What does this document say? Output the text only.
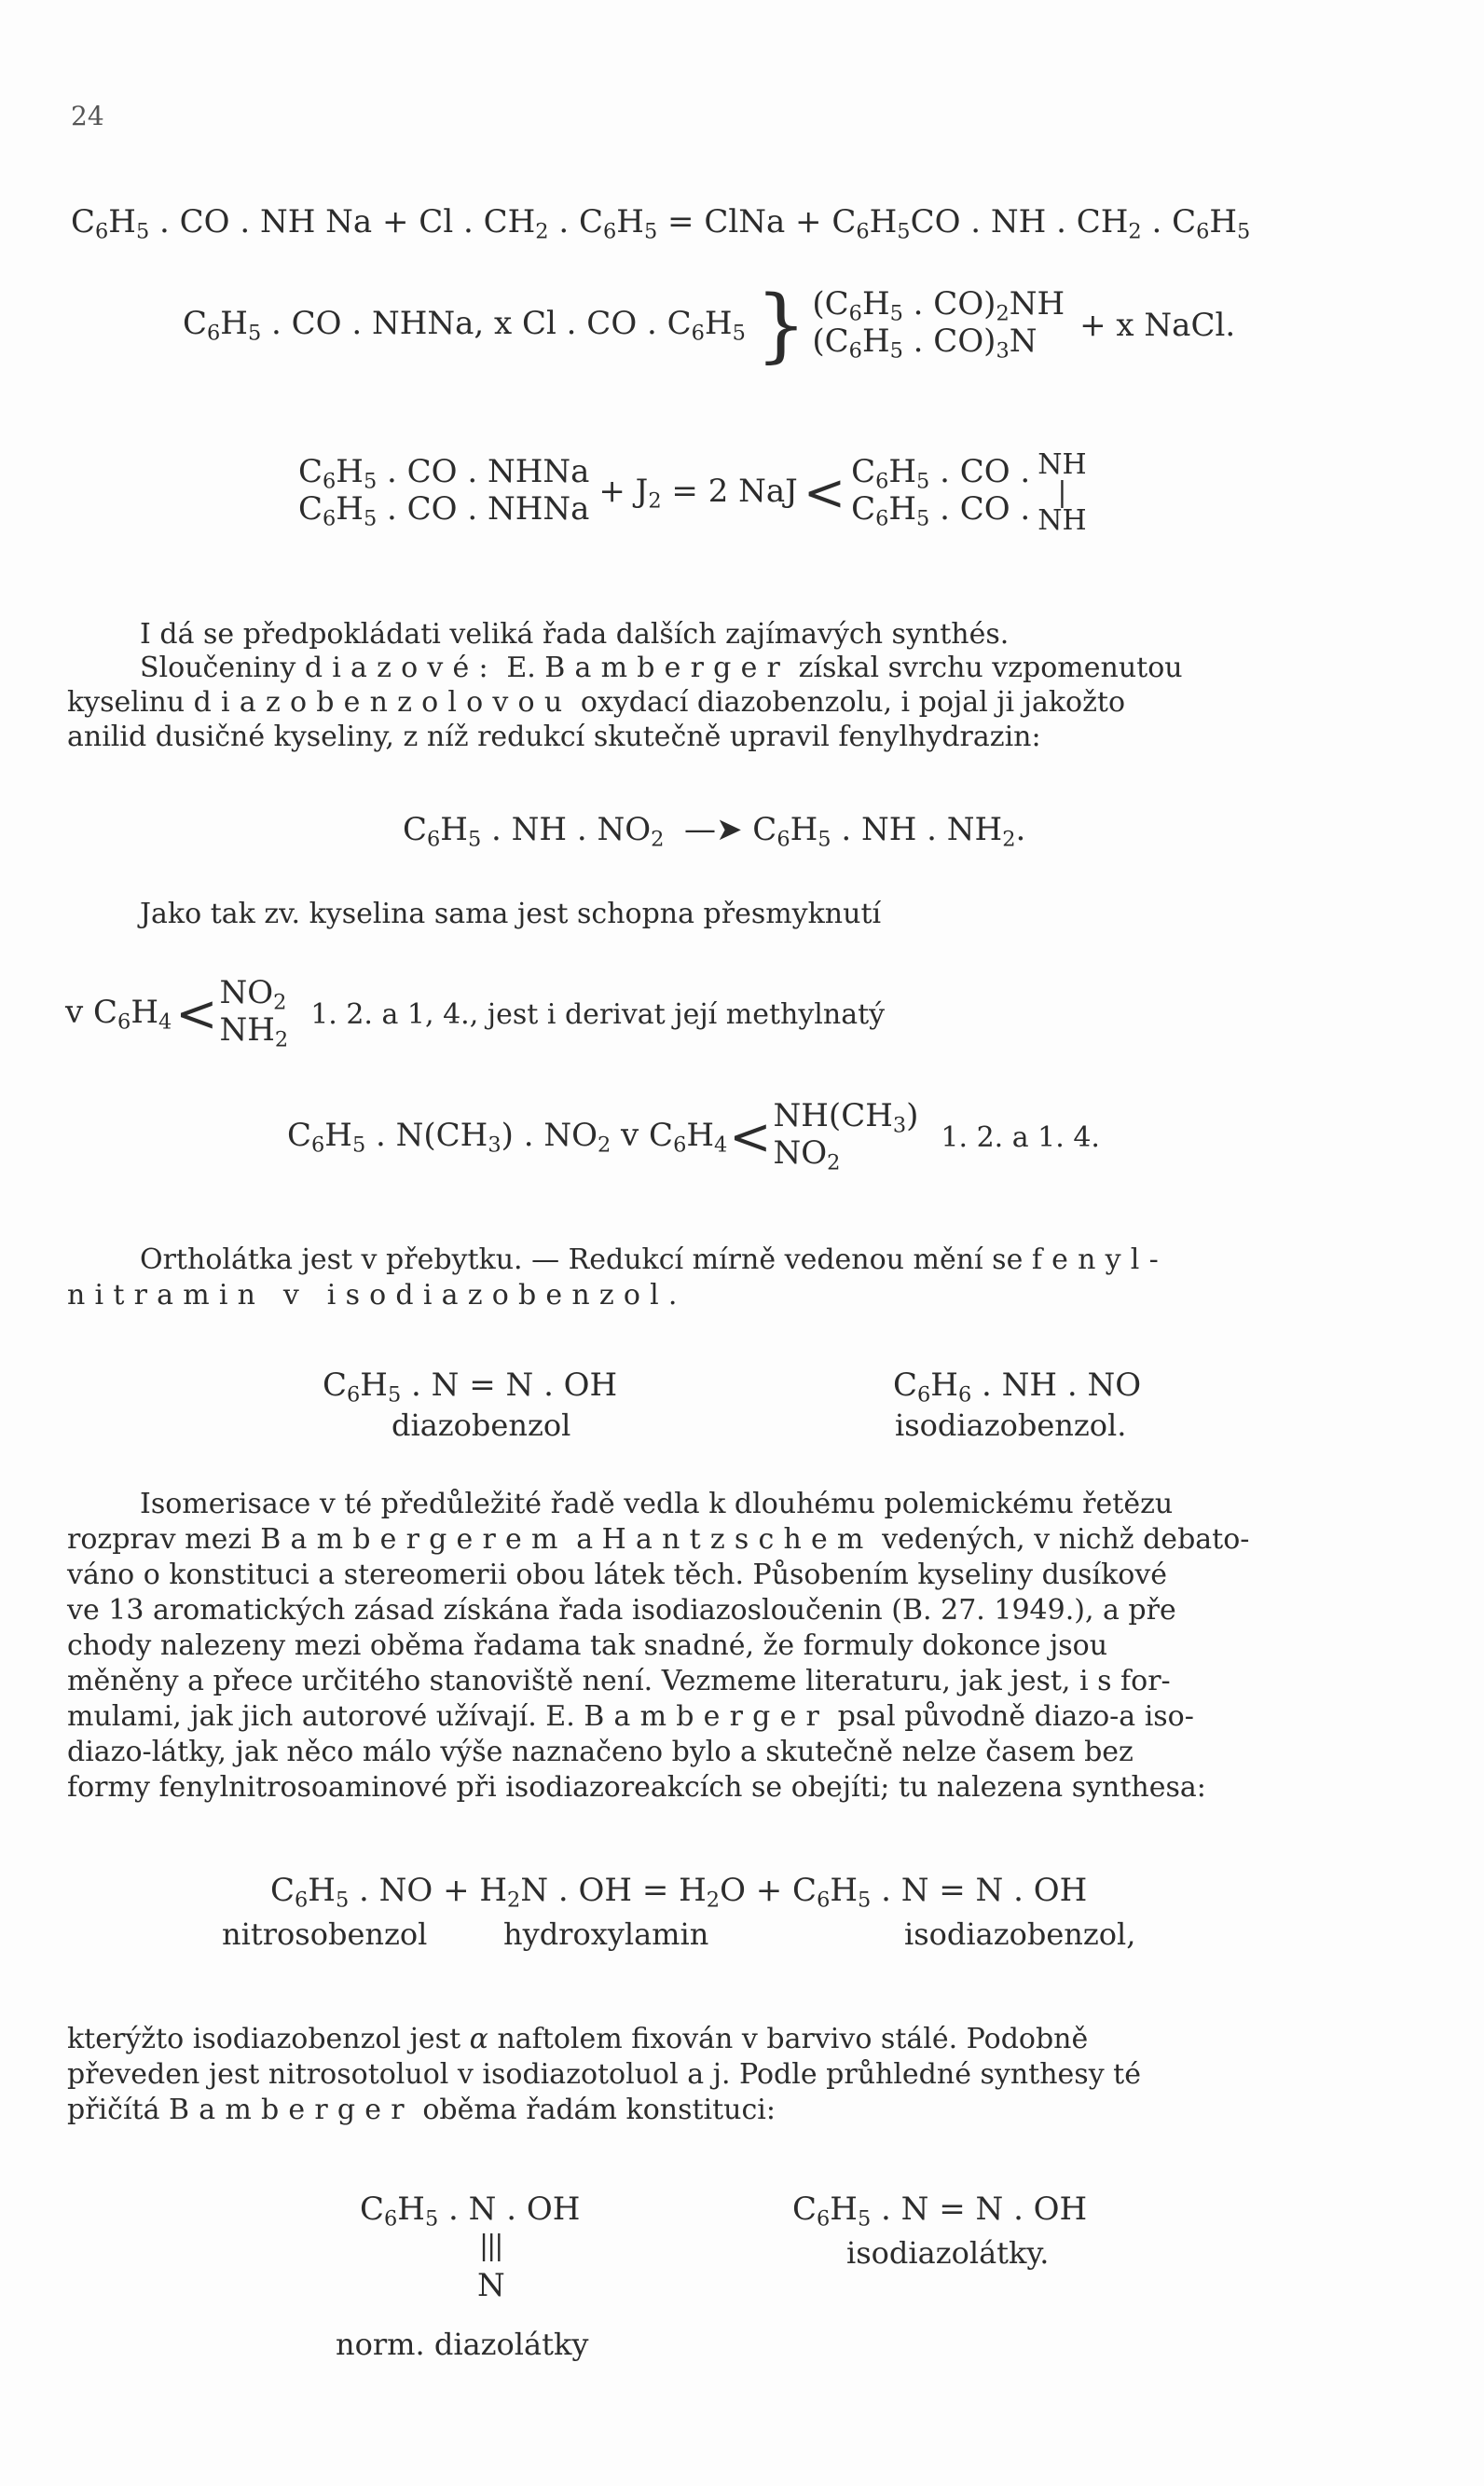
24
$C_6H_5$ . CO . NH Na + Cl . $CH_2$ . $C_6H_5$ = ClNa + $C_6H_5CO$ . NH . $CH_2$ . $C_6H_5$
$C_6H_5$ . CO . NHNa, x Cl . CO . $C_6H_5$ } ($C_6H_5$ . $CO)_2NH$
($C_6H_5$ . $CO)_3N$	+ x NaCl.
$C_6H_5$ . CO . NHNa
$C_6H_5$ . CO . NHNa + $J_2 = 2$ NaJ < $C_6H_5$ . CO .
$C_6H_5$ . CO .
NH
|
NH
I dá se předpokládati veliká řada dalších zajímavých synthés.
Sloučeniny diazové: E. Bamberger získal svrchu vzpomenutou
kyselinu diazobenzolovou oxydací diazobenzolu, i pojal ji jakožto
anilid dusičné kyseliny, z níž redukcí skutečně upravil fenylhydrazin:
$C_6H_5$ . NH . $NO_2$  —➤ $C_6H_5$ . NH . $NH_2$.
Jako tak zv. kyselina sama jest schopna přesmyknutí
v $C_6H_4 < NO_2$
$NH_2$
1. 2. a 1, 4., jest i derivat její methylnatý
$C_6H_5$ . $N(CH_3)$ . $NO_2$ v $C_6H_4 < NH(CH_3)$
$NO_2$
1. 2. a 1. 4.
Ortholátka jest v přebytku. — Redukcí mírně vedenou mění se fenyl-
nitramin v isodiazobenzol.
$C_6H_5$ . N = N . OH
diazobenzol
$C_6H_6$ . NH . NO
isodiazobenzol.
Isomerisace v té předůležité řadě vedla k dlouhému polemickému řetězu
rozprav mezi Bambergerem a Hantzschem vedených, v nichž debato-
váno o konstituci a stereomerii obou látek těch. Působením kyseliny dusíkové
ve 13 aromatických zásad získána řada isodiazosloučenin (B. 27. 1949.), a pře
chody nalezeny mezi oběma řadama tak snadné, že formuly dokonce jsou
měněny a přece určitého stanoviště není. Vezmeme literaturu, jak jest, i s for-
mulami, jak jich autorové užívají. E. Bamberger psal původně diazo-a iso-
diazo-látky, jak něco málo výše naznačeno bylo a skutečně nelze časem bez
formy fenylnitrosoaminové při isodiazoreakcích se obejíti; tu nalezena synthesa:
$C_6H_5$ . NO + $H_2N$ . OH = $H_2O + C_6H_5$ . N = N . OH
nitrosobenzol	hydroxylamin	isodiazobenzol,
kterýžto isodiazobenzol jest α naftolem fixován v barvivo stálé. Podobně
převeden jest nitrosotoluol v isodiazotoluol a j. Podle průhledné synthesy té
přičítá Bamberger oběma řadám konstituci:
$C_6H_5$ . N . OH
|||
N
norm. diazolátky
$C_6H_5$ . N = N . OH
isodiazolátky.
